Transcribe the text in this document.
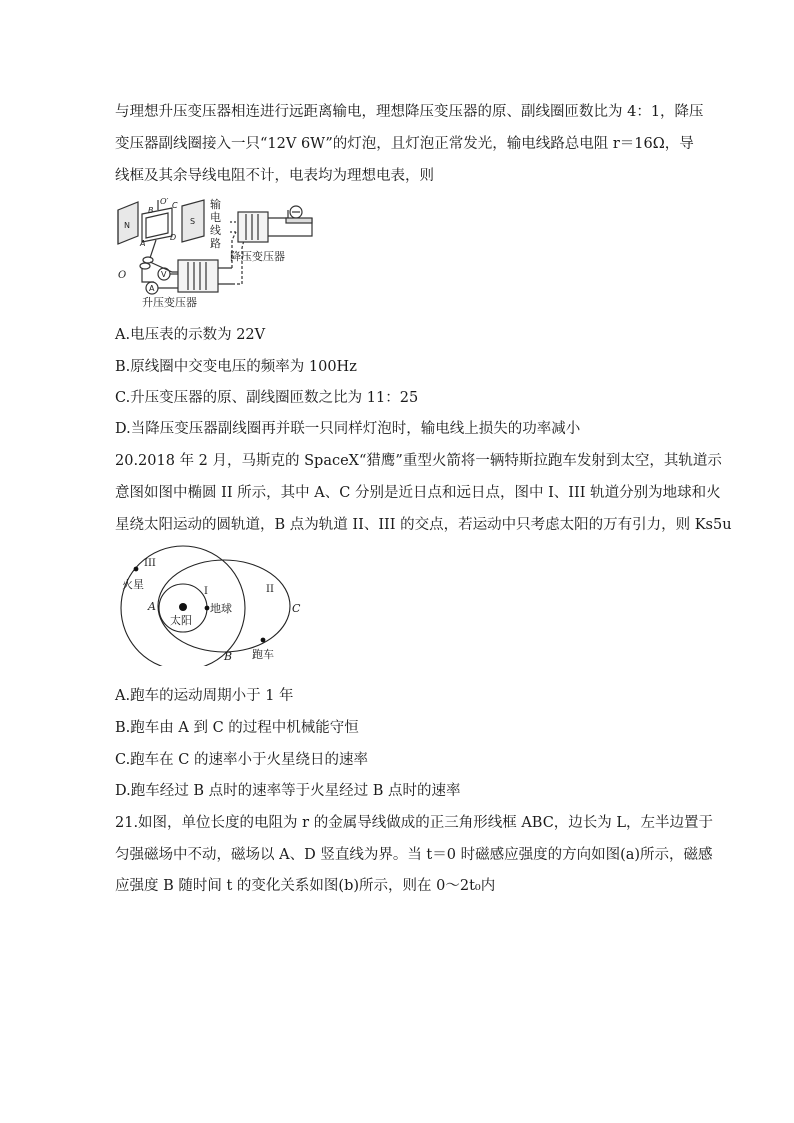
与理想升压变压器相连进行远距离输电，理想降压变压器的原、副线圈匝数比为 4：1，降压
变压器副线圈接入一只“12V 6W”的灯泡，且灯泡正常发光，输电线路总电阻 r＝16Ω，导
线框及其余导线电阻不计，电表均为理想电表，则
N	S
O′
B
C
A
D
O	V
A
输
电
线
路
降压变压器
升压变压器
A.电压表的示数为 22V
B.原线圈中交变电压的频率为 100Hz
C.升压变压器的原、副线圈匝数之比为 11：25
D.当降压变压器副线圈再并联一只同样灯泡时，输电线上损失的功率减小
20.2018 年 2 月，马斯克的 SpaceX“猎鹰”重型火箭将一辆特斯拉跑车发射到太空，其轨道示
意图如图中椭圆 II 所示，其中 A、C 分别是近日点和远日点，图中 I、III 轨道分别为地球和火
星绕太阳运动的圆轨道，B 点为轨道 II、III 的交点，若运动中只考虑太阳的万有引力，则 Ks5u
III
I	II
火星
地球
太阳
跑车
A
B
C
A.跑车的运动周期小于 1 年
B.跑车由 A 到 C 的过程中机械能守恒
C.跑车在 C 的速率小于火星绕日的速率
D.跑车经过 B 点时的速率等于火星经过 B 点时的速率
21.如图，单位长度的电阻为 r 的金属导线做成的正三角形线框 ABC，边长为 L，左半边置于
匀强磁场中不动，磁场以 A、D 竖直线为界。当 t＝0 时磁感应强度的方向如图(a)所示，磁感
应强度 B 随时间 t 的变化关系如图(b)所示，则在 0～2t₀内
